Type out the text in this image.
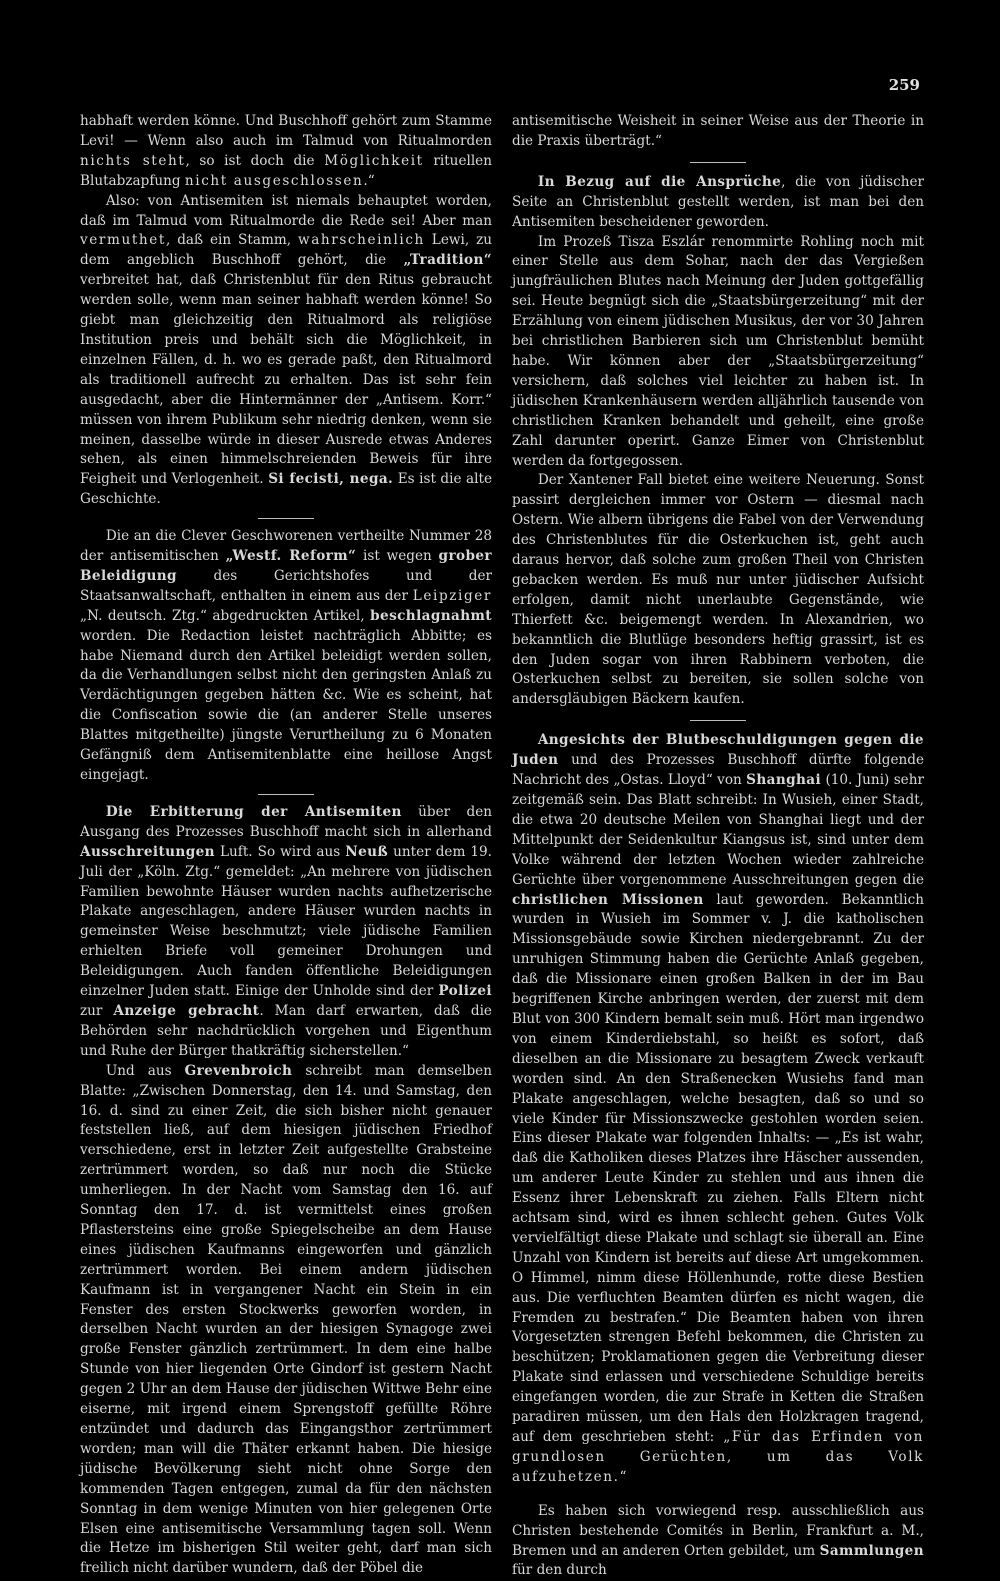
259

habhaft werden könne. Und Buschhoff gehört zum Stamme Levi! — Wenn also auch im Talmud von Ritualmorden nichts steht, so ist doch die Möglichkeit rituellen Blutabzapfung nicht ausgeschlossen.“

Also: von Antisemiten ist niemals behauptet worden, daß im Talmud vom Ritualmorde die Rede sei! Aber man vermuthet, daß ein Stamm, wahrscheinlich Lewi, zu dem angeblich Buschhoff gehört, die „Tradition“ verbreitet hat, daß Christenblut für den Ritus gebraucht werden solle, wenn man seiner habhaft werden könne! So giebt man gleichzeitig den Ritualmord als religiöse Institution preis und behält sich die Möglichkeit, in einzelnen Fällen, d. h. wo es gerade paßt, den Ritualmord als traditionell aufrecht zu erhalten. Das ist sehr fein ausgedacht, aber die Hintermänner der „Antisem. Korr.“ müssen von ihrem Publikum sehr niedrig denken, wenn sie meinen, dasselbe würde in dieser Ausrede etwas Anderes sehen, als einen himmelschreienden Beweis für ihre Feigheit und Verlogenheit. Si fecisti, nega. Es ist die alte Geschichte.

Die an die Clever Geschworenen vertheilte Nummer 28 der antisemitischen „Westf. Reform“ ist wegen grober Beleidigung des Gerichtshofes und der Staatsanwaltschaft, enthalten in einem aus der Leipziger „N. deutsch. Ztg.“ abgedruckten Artikel, beschlagnahmt worden. Die Redaction leistet nachträglich Abbitte; es habe Niemand durch den Artikel beleidigt werden sollen, da die Verhandlungen selbst nicht den geringsten Anlaß zu Verdächtigungen gegeben hätten &c. Wie es scheint, hat die Confiscation sowie die (an anderer Stelle unseres Blattes mitgetheilte) jüngste Verurtheilung zu 6 Monaten Gefängniß dem Antisemitenblatte eine heillose Angst eingejagt.

Die Erbitterung der Antisemiten über den Ausgang des Prozesses Buschhoff macht sich in allerhand Ausschreitungen Luft. So wird aus Neuß unter dem 19. Juli der „Köln. Ztg.“ gemeldet: „An mehrere von jüdischen Familien bewohnte Häuser wurden nachts aufhetzerische Plakate angeschlagen, andere Häuser wurden nachts in gemeinster Weise beschmutzt; viele jüdische Familien erhielten Briefe voll gemeiner Drohungen und Beleidigungen. Auch fanden öffentliche Beleidigungen einzelner Juden statt. Einige der Unholde sind der Polizei zur Anzeige gebracht. Man darf erwarten, daß die Behörden sehr nachdrücklich vorgehen und Eigenthum und Ruhe der Bürger thatkräftig sicherstellen.“

Und aus Grevenbroich schreibt man demselben Blatte: „Zwischen Donnerstag, den 14. und Samstag, den 16. d. sind zu einer Zeit, die sich bisher nicht genauer feststellen ließ, auf dem hiesigen jüdischen Friedhof verschiedene, erst in letzter Zeit aufgestellte Grabsteine zertrümmert worden, so daß nur noch die Stücke umherliegen. In der Nacht vom Samstag den 16. auf Sonntag den 17. d. ist vermittelst eines großen Pflastersteins eine große Spiegelscheibe an dem Hause eines jüdischen Kaufmanns eingeworfen und gänzlich zertrümmert worden. Bei einem andern jüdischen Kaufmann ist in vergangener Nacht ein Stein in ein Fenster des ersten Stockwerks geworfen worden, in derselben Nacht wurden an der hiesigen Synagoge zwei große Fenster gänzlich zertrümmert. In dem eine halbe Stunde von hier liegenden Orte Gindorf ist gestern Nacht gegen 2 Uhr an dem Hause der jüdischen Wittwe Behr eine eiserne, mit irgend einem Sprengstoff gefüllte Röhre entzündet und dadurch das Eingangsthor zertrümmert worden; man will die Thäter erkannt haben. Die hiesige jüdische Bevölkerung sieht nicht ohne Sorge den kommenden Tagen entgegen, zumal da für den nächsten Sonntag in dem wenige Minuten von hier gelegenen Orte Elsen eine antisemitische Versammlung tagen soll. Wenn die Hetze im bisherigen Stil weiter geht, darf man sich freilich nicht darüber wundern, daß der Pöbel die

antisemitische Weisheit in seiner Weise aus der Theorie in die Praxis überträgt.“

In Bezug auf die Ansprüche, die von jüdischer Seite an Christenblut gestellt werden, ist man bei den Antisemiten bescheidener geworden.

Im Prozeß Tisza Eszlár renommirte Rohling noch mit einer Stelle aus dem Sohar, nach der das Vergießen jungfräulichen Blutes nach Meinung der Juden gottgefällig sei. Heute begnügt sich die „Staatsbürgerzeitung“ mit der Erzählung von einem jüdischen Musikus, der vor 30 Jahren bei christlichen Barbieren sich um Christenblut bemüht habe. Wir können aber der „Staatsbürgerzeitung“ versichern, daß solches viel leichter zu haben ist. In jüdischen Krankenhäusern werden alljährlich tausende von christlichen Kranken behandelt und geheilt, eine große Zahl darunter operirt. Ganze Eimer von Christenblut werden da fortgegossen.

Der Xantener Fall bietet eine weitere Neuerung. Sonst passirt dergleichen immer vor Ostern — diesmal nach Ostern. Wie albern übrigens die Fabel von der Verwendung des Christenblutes für die Osterkuchen ist, geht auch daraus hervor, daß solche zum großen Theil von Christen gebacken werden. Es muß nur unter jüdischer Aufsicht erfolgen, damit nicht unerlaubte Gegenstände, wie Thierfett &c. beigemengt werden. In Alexandrien, wo bekanntlich die Blutlüge besonders heftig grassirt, ist es den Juden sogar von ihren Rabbinern verboten, die Osterkuchen selbst zu bereiten, sie sollen solche von andersgläubigen Bäckern kaufen.

Angesichts der Blutbeschuldigungen gegen die Juden und des Prozesses Buschhoff dürfte folgende Nachricht des „Ostas. Lloyd“ von Shanghai (10. Juni) sehr zeitgemäß sein. Das Blatt schreibt: In Wusieh, einer Stadt, die etwa 20 deutsche Meilen von Shanghai liegt und der Mittelpunkt der Seidenkultur Kiangsus ist, sind unter dem Volke während der letzten Wochen wieder zahlreiche Gerüchte über vorgenommene Ausschreitungen gegen die christlichen Missionen laut geworden. Bekanntlich wurden in Wusieh im Sommer v. J. die katholischen Missionsgebäude sowie Kirchen niedergebrannt. Zu der unruhigen Stimmung haben die Gerüchte Anlaß gegeben, daß die Missionare einen großen Balken in der im Bau begriffenen Kirche anbringen werden, der zuerst mit dem Blut von 300 Kindern bemalt sein muß. Hört man irgendwo von einem Kinderdiebstahl, so heißt es sofort, daß dieselben an die Missionare zu besagtem Zweck verkauft worden sind. An den Straßenecken Wusiehs fand man Plakate angeschlagen, welche besagten, daß so und so viele Kinder für Missionszwecke gestohlen worden seien. Eins dieser Plakate war folgenden Inhalts: — „Es ist wahr, daß die Katholiken dieses Platzes ihre Häscher aussenden, um anderer Leute Kinder zu stehlen und aus ihnen die Essenz ihrer Lebenskraft zu ziehen. Falls Eltern nicht achtsam sind, wird es ihnen schlecht gehen. Gutes Volk vervielfältigt diese Plakate und schlagt sie überall an. Eine Unzahl von Kindern ist bereits auf diese Art umgekommen. O Himmel, nimm diese Höllenhunde, rotte diese Bestien aus. Die verfluchten Beamten dürfen es nicht wagen, die Fremden zu bestrafen.“ Die Beamten haben von ihren Vorgesetzten strengen Befehl bekommen, die Christen zu beschützen; Proklamationen gegen die Verbreitung dieser Plakate sind erlassen und verschiedene Schuldige bereits eingefangen worden, die zur Strafe in Ketten die Straßen paradiren müssen, um den Hals den Holzkragen tragend, auf dem geschrieben steht: „Für das Erfinden von grundlosen Gerüchten, um das Volk aufzuhetzen.“

Es haben sich vorwiegend resp. ausschließlich aus Christen bestehende Comités in Berlin, Frankfurt a. M., Bremen und an anderen Orten gebildet, um Sammlungen für den durch
